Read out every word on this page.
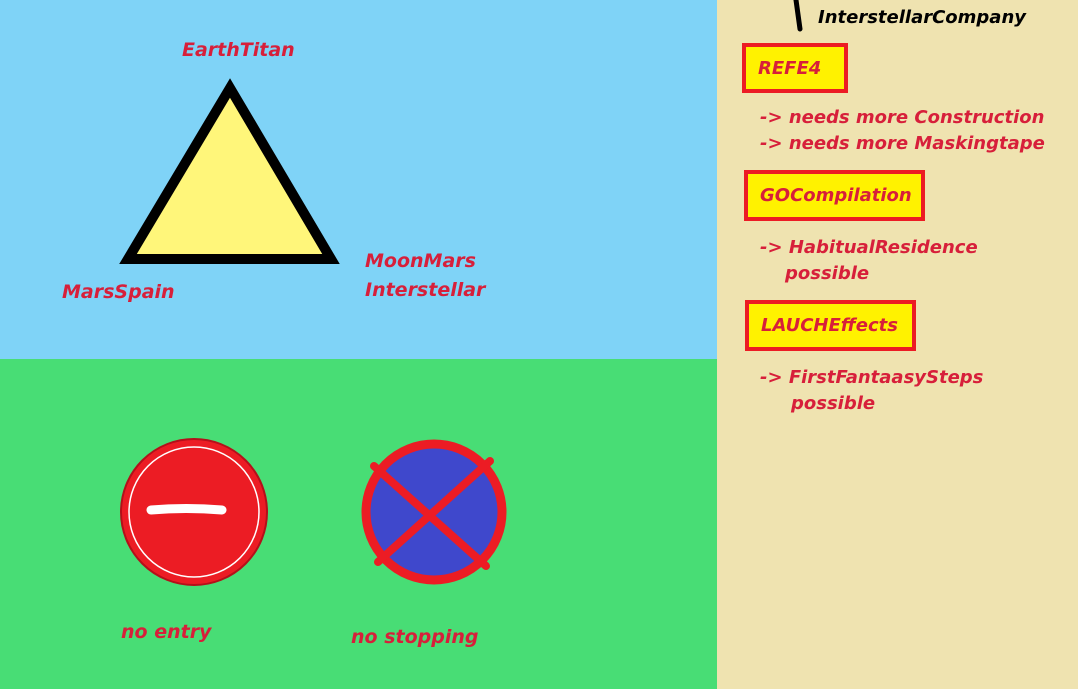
EarthTitan
MarsSpain
MoonMars
Interstellar
no entry	no stopping
InterstellarCompany
REFE4
-> needs more Construction
-> needs more Maskingtape
GOCompilation
-> HabitualResidence
possible
LAUCHEffects
-> FirstFantaasySteps
possible
